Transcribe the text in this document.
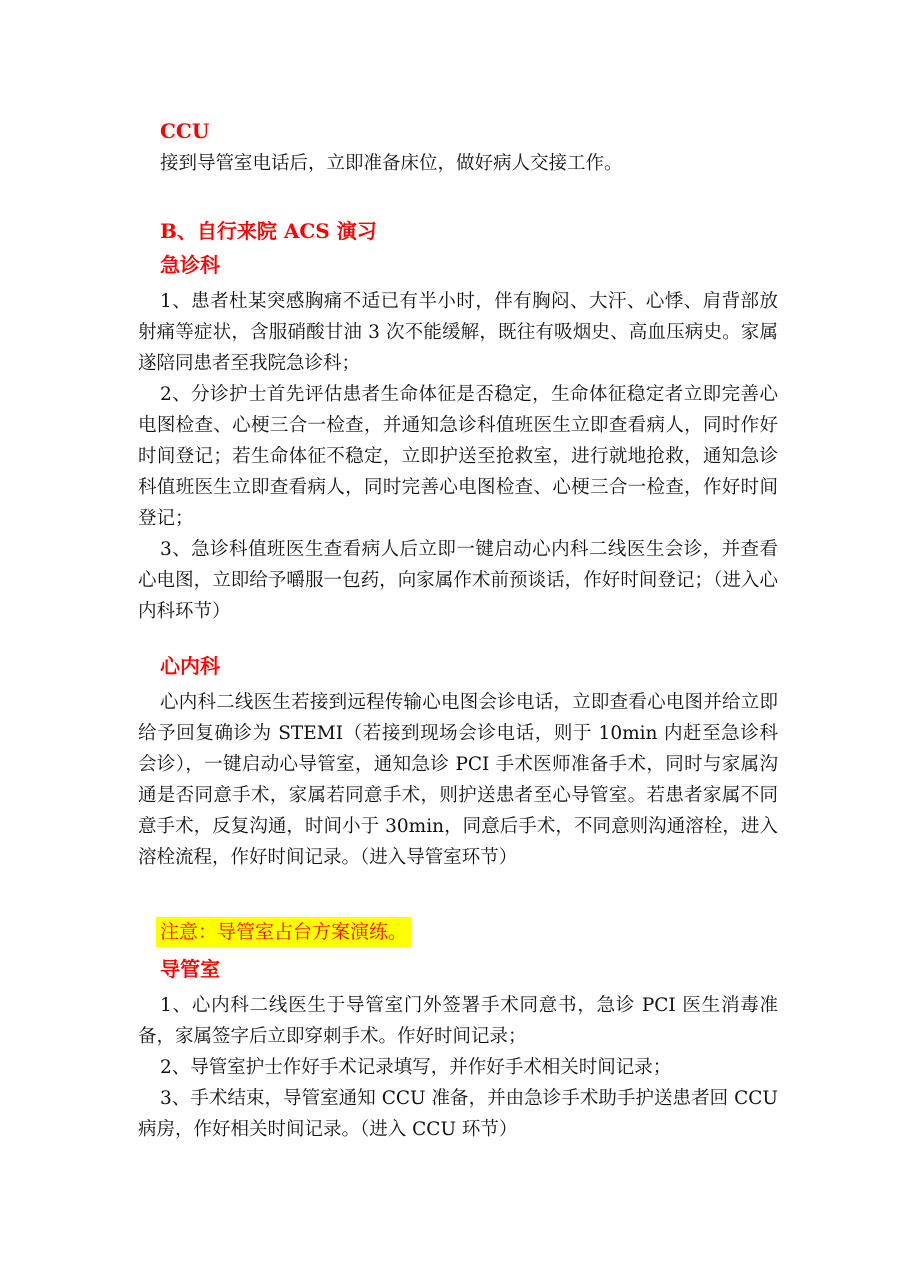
CCU

接到导管室电话后，立即准备床位，做好病人交接工作。

B、自行来院 ACS 演习
急诊科

1、患者杜某突感胸痛不适已有半小时，伴有胸闷、大汗、心悸、肩背部放射痛等症状，含服硝酸甘油 3 次不能缓解，既往有吸烟史、高血压病史。家属遂陪同患者至我院急诊科；

2、分诊护士首先评估患者生命体征是否稳定，生命体征稳定者立即完善心电图检查、心梗三合一检查，并通知急诊科值班医生立即查看病人，同时作好时间登记；若生命体征不稳定，立即护送至抢救室，进行就地抢救，通知急诊科值班医生立即查看病人，同时完善心电图检查、心梗三合一检查，作好时间登记；

3、急诊科值班医生查看病人后立即一键启动心内科二线医生会诊，并查看心电图，立即给予嚼服一包药，向家属作术前预谈话，作好时间登记；（进入心内科环节）

心内科

心内科二线医生若接到远程传输心电图会诊电话，立即查看心电图并给立即给予回复确诊为 STEMI（若接到现场会诊电话，则于 10min 内赶至急诊科会诊），一键启动心导管室，通知急诊 PCI 手术医师准备手术，同时与家属沟通是否同意手术，家属若同意手术，则护送患者至心导管室。若患者家属不同意手术，反复沟通，时间小于 30min，同意后手术，不同意则沟通溶栓，进入溶栓流程，作好时间记录。（进入导管室环节）

注意：导管室占台方案演练。
导管室

1、心内科二线医生于导管室门外签署手术同意书，急诊 PCI 医生消毒准备，家属签字后立即穿刺手术。作好时间记录；

2、导管室护士作好手术记录填写，并作好手术相关时间记录；

3、手术结束，导管室通知 CCU 准备，并由急诊手术助手护送患者回 CCU 病房，作好相关时间记录。（进入 CCU 环节）
